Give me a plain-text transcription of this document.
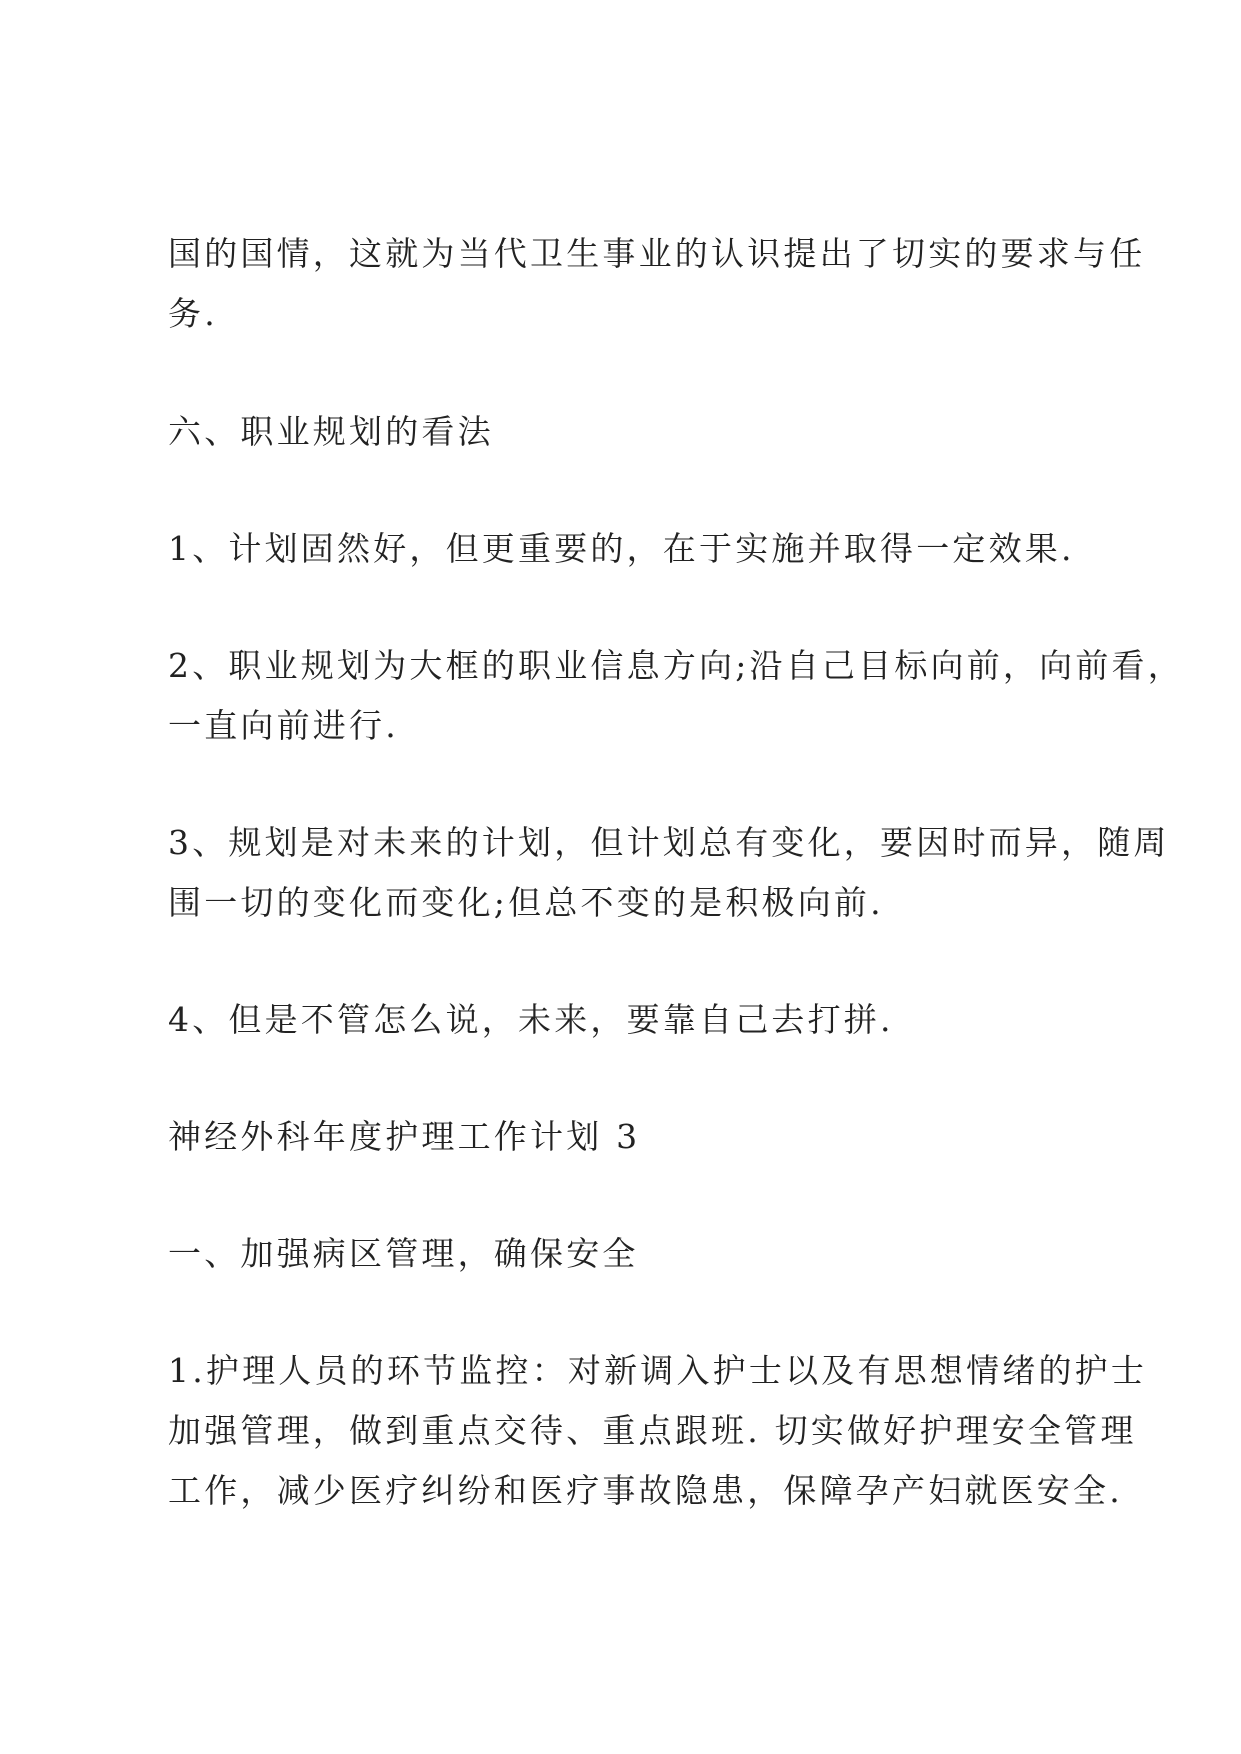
国的国情，这就为当代卫生事业的认识提出了切实的要求与任
务.
六、职业规划的看法
1、计划固然好，但更重要的，在于实施并取得一定效果.
2、职业规划为大框的职业信息方向;沿自己目标向前，向前看，
一直向前进行.
3、规划是对未来的计划，但计划总有变化，要因时而异，随周
围一切的变化而变化;但总不变的是积极向前.
4、但是不管怎么说，未来，要靠自己去打拼.
神经外科年度护理工作计划 3
一、加强病区管理，确保安全
1.护理人员的环节监控：对新调入护士以及有思想情绪的护士
加强管理，做到重点交待、重点跟班. 切实做好护理安全管理
工作，减少医疗纠纷和医疗事故隐患，保障孕产妇就医安全.
